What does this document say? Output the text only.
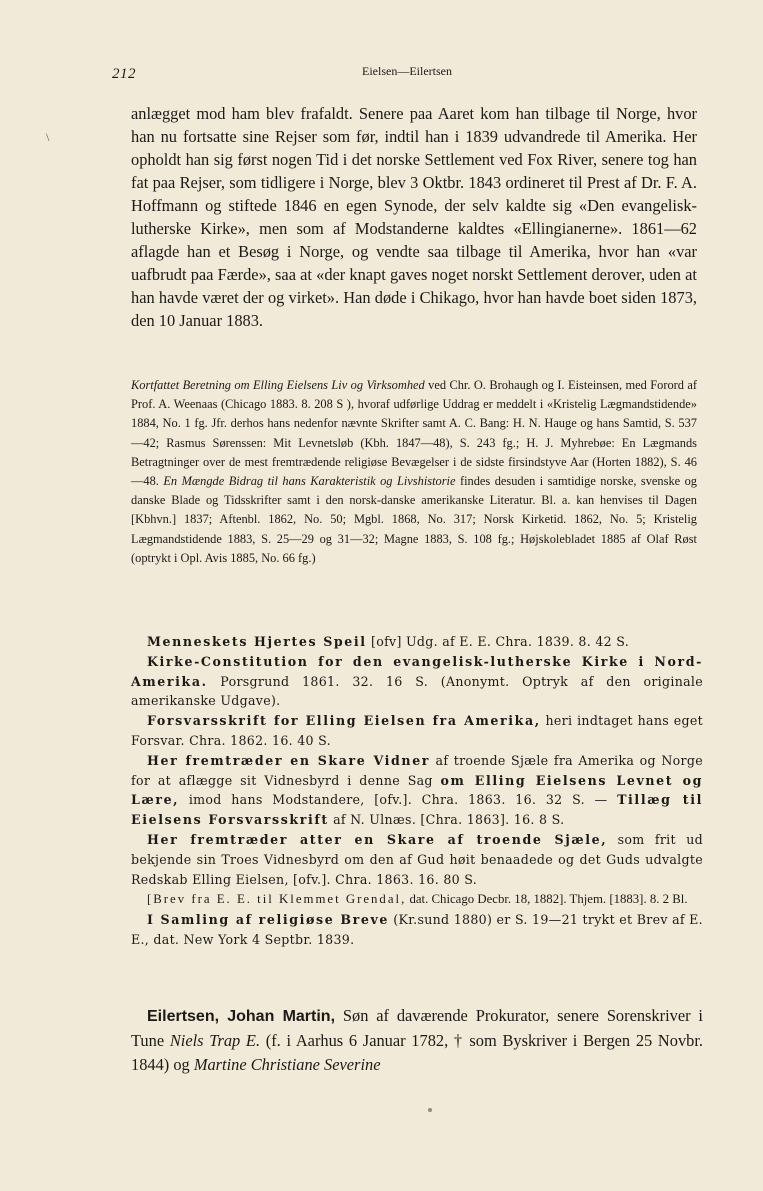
212	Eielsen—Eilertsen
\

anlægget mod ham blev frafaldt. Senere paa Aaret kom han tilbage til Norge, hvor han nu fortsatte sine Rejser som før, indtil han i 1839 udvandrede til Amerika. Her opholdt han sig først nogen Tid i det norske Settlement ved Fox River, senere tog han fat paa Rejser, som tidligere i Norge, blev 3 Oktbr. 1843 ordineret til Prest af Dr. F. A. Hoffmann og stiftede 1846 en egen Synode, der selv kaldte sig «Den evangelisk-lutherske Kirke», men som af Modstanderne kaldtes «Ellingianerne». 1861—62 aflagde han et Besøg i Norge, og vendte saa tilbage til Amerika, hvor han «var uafbrudt paa Færde», saa at «der knapt gaves noget norskt Settlement derover, uden at han havde været der og virket». Han døde i Chikago, hvor han havde boet siden 1873, den 10 Januar 1883.

Kortfattet Beretning om Elling Eielsens Liv og Virksomhed ved Chr. O. Brohaugh og I. Eisteinsen, med Forord af Prof. A. Weenaas (Chicago 1883. 8. 208 S ), hvoraf udførlige Uddrag er meddelt i «Kristelig Lægmandstidende» 1884, No. 1 fg. Jfr. derhos hans nedenfor nævnte Skrifter samt A. C. Bang: H. N. Hauge og hans Samtid, S. 537—42; Rasmus Sørenssen: Mit Levnetsløb (Kbh. 1847—48), S. 243 fg.; H. J. Myhrebøe: En Lægmands Betragtninger over de mest fremtrædende religiøse Bevægelser i de sidste firsindstyve Aar (Horten 1882), S. 46—48. En Mængde Bidrag til hans Karakteristik og Livshistorie findes desuden i samtidige norske, svenske og danske Blade og Tidsskrifter samt i den norsk-danske amerikanske Literatur. Bl. a. kan henvises til Dagen [Kbhvn.] 1837; Aftenbl. 1862, No. 50; Mgbl. 1868, No. 317; Norsk Kirketid. 1862, No. 5; Kristelig Lægmandstidende 1883, S. 25—29 og 31—32; Magne 1883, S. 108 fg.; Højskolebladet 1885 af Olaf Røst (optrykt i Opl. Avis 1885, No. 66 fg.)

Menneskets Hjertes Speil [ofv] Udg. af E. E. Chra. 1839. 8. 42 S.

Kirke-Constitution for den evangelisk-lutherske Kirke i Nord-Amerika. Porsgrund 1861. 32. 16 S. (Anonymt. Optryk af den originale amerikanske Udgave).

Forsvarsskrift for Elling Eielsen fra Amerika, heri indtaget hans eget Forsvar. Chra. 1862. 16. 40 S.

Her fremtræder en Skare Vidner af troende Sjæle fra Amerika og Norge for at aflægge sit Vidnesbyrd i denne Sag om Elling Eielsens Levnet og Lære, imod hans Modstandere, [ofv.]. Chra. 1863. 16. 32 S. — Tillæg til Eielsens Forsvarsskrift af N. Ulnæs. [Chra. 1863]. 16. 8 S.

Her fremtræder atter en Skare af troende Sjæle, som frit ud bekjende sin Troes Vidnesbyrd om den af Gud høit benaadede og det Guds udvalgte Redskab Elling Eielsen, [ofv.]. Chra. 1863. 16. 80 S.

[Brev fra E. E. til Klemmet Grendal, dat. Chicago Decbr. 18, 1882]. Thjem. [1883]. 8. 2 Bl.

I Samling af religiøse Breve (Kr.sund 1880) er S. 19—21 trykt et Brev af E. E., dat. New York 4 Septbr. 1839.

Eilertsen, Johan Martin, Søn af daværende Prokurator, senere Sorenskriver i Tune Niels Trap E. (f. i Aarhus 6 Januar 1782, † som Byskriver i Bergen 25 Novbr. 1844) og Martine Christiane Severine
